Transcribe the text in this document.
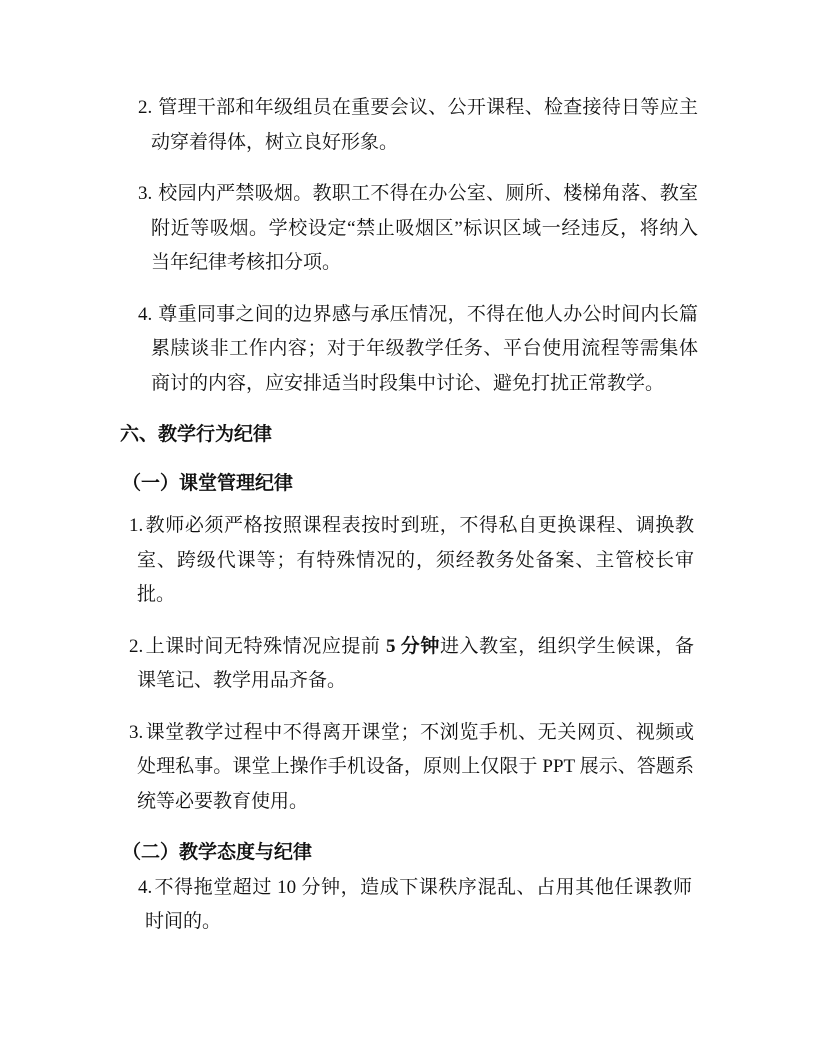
2. 管理干部和年级组员在重要会议、公开课程、检查接待日等应主动穿着得体，树立良好形象。
3. 校园内严禁吸烟。教职工不得在办公室、厕所、楼梯角落、教室附近等吸烟。学校设定“禁止吸烟区”标识区域一经违反，将纳入当年纪律考核扣分项。
4. 尊重同事之间的边界感与承压情况，不得在他人办公时间内长篇累牍谈非工作内容；对于年级教学任务、平台使用流程等需集体商讨的内容，应安排适当时段集中讨论、避免打扰正常教学。
六、教学行为纪律
（一）课堂管理纪律
1.教师必须严格按照课程表按时到班，不得私自更换课程、调换教室、跨级代课等；有特殊情况的，须经教务处备案、主管校长审批。
2.上课时间无特殊情况应提前 5 分钟进入教室，组织学生候课，备课笔记、教学用品齐备。
3.课堂教学过程中不得离开课堂；不浏览手机、无关网页、视频或处理私事。课堂上操作手机设备，原则上仅限于 PPT 展示、答题系统等必要教育使用。
（二）教学态度与纪律
4.不得拖堂超过 10 分钟，造成下课秩序混乱、占用其他任课教师时间的。
